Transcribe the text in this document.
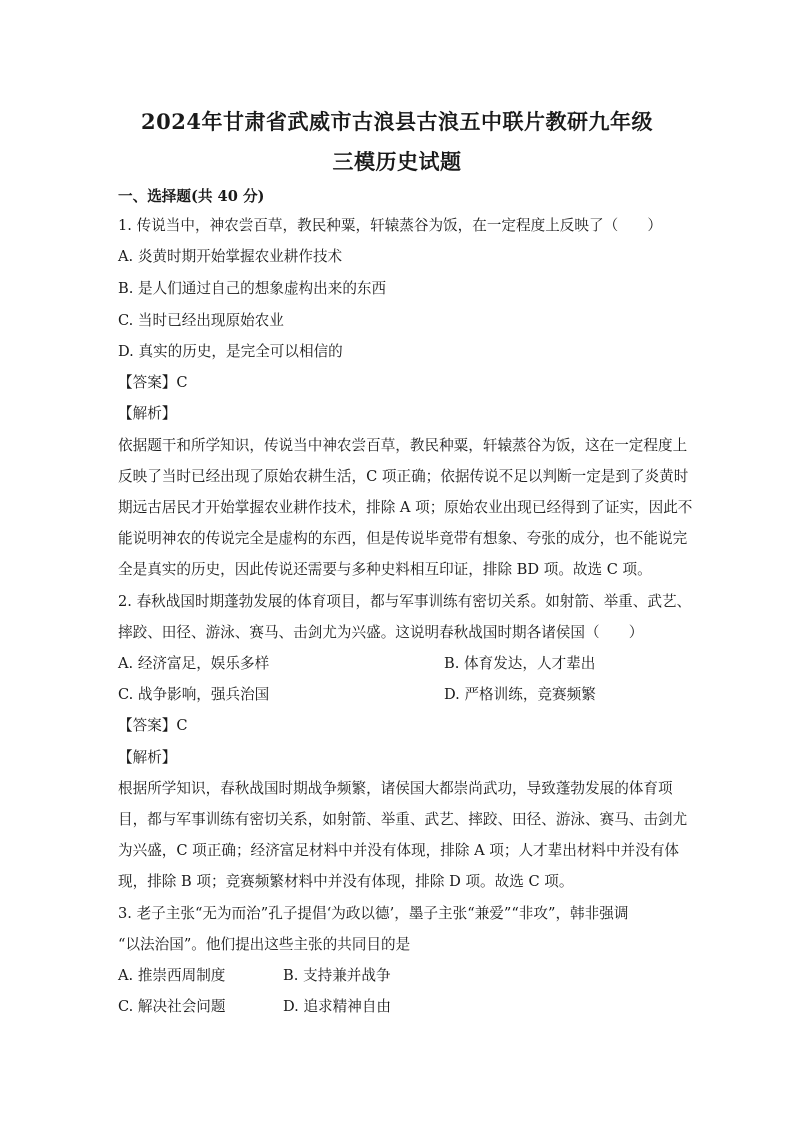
2024年甘肃省武威市古浪县古浪五中联片教研九年级
三模历史试题
一、选择题(共 40 分)
1. 传说当中，神农尝百草，教民种粟，轩辕蒸谷为饭，在一定程度上反映了（　　）
A. 炎黄时期开始掌握农业耕作技术
B. 是人们通过自己的想象虚构出来的东西
C. 当时已经出现原始农业
D. 真实的历史，是完全可以相信的
【答案】C
【解析】
依据题干和所学知识，传说当中神农尝百草，教民种粟，轩辕蒸谷为饭，这在一定程度上
反映了当时已经出现了原始农耕生活，C 项正确；依据传说不足以判断一定是到了炎黄时
期远古居民才开始掌握农业耕作技术，排除 A 项；原始农业出现已经得到了证实，因此不
能说明神农的传说完全是虚构的东西，但是传说毕竟带有想象、夸张的成分，也不能说完
全是真实的历史，因此传说还需要与多种史料相互印证，排除 BD 项。故选 C 项。
2. 春秋战国时期蓬勃发展的体育项目，都与军事训练有密切关系。如射箭、举重、武艺、
摔跤、田径、游泳、赛马、击剑尤为兴盛。这说明春秋战国时期各诸侯国（　　）
A. 经济富足，娱乐多样	B. 体育发达，人才辈出
C. 战争影响，强兵治国	D. 严格训练，竞赛频繁
【答案】C
【解析】
根据所学知识，春秋战国时期战争频繁，诸侯国大都崇尚武功，导致蓬勃发展的体育项
目，都与军事训练有密切关系，如射箭、举重、武艺、摔跤、田径、游泳、赛马、击剑尤
为兴盛，C 项正确；经济富足材料中并没有体现，排除 A 项；人才辈出材料中并没有体
现，排除 B 项；竞赛频繁材料中并没有体现，排除 D 项。故选 C 项。
3. 老子主张“无为而治”孔子提倡‘为政以德’，墨子主张“兼爱”“非攻”，韩非强调
“以法治国”。他们提出这些主张的共同目的是
A. 推崇西周制度	B. 支持兼并战争
C. 解决社会问题	D. 追求精神自由
